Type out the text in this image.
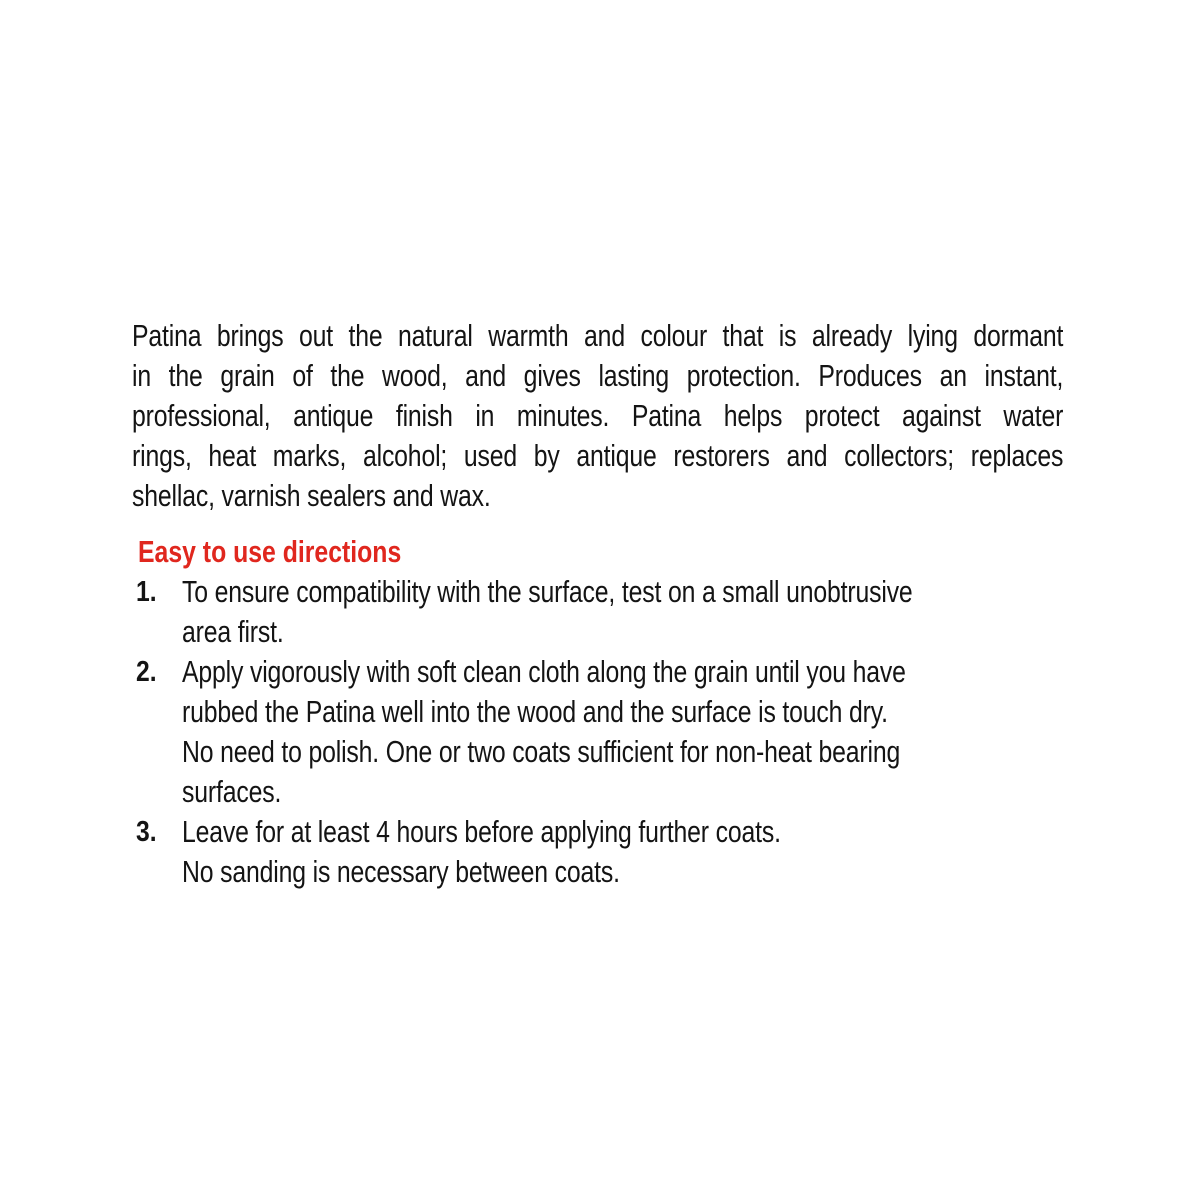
Patina brings out the natural warmth and colour that is already lying dormant
in the grain of the wood, and gives lasting protection. Produces an instant,
professional, antique finish in minutes. Patina helps protect against water
rings, heat marks, alcohol; used by antique restorers and collectors; replaces
shellac, varnish sealers and wax.
Easy to use directions
1. To ensure compatibility with the surface, test on a small unobtrusive
area first.
2. Apply vigorously with soft clean cloth along the grain until you have
rubbed the Patina well into the wood and the surface is touch dry.
No need to polish. One or two coats sufficient for non-heat bearing
surfaces.
3. Leave for at least 4 hours before applying further coats.
No sanding is necessary between coats.
